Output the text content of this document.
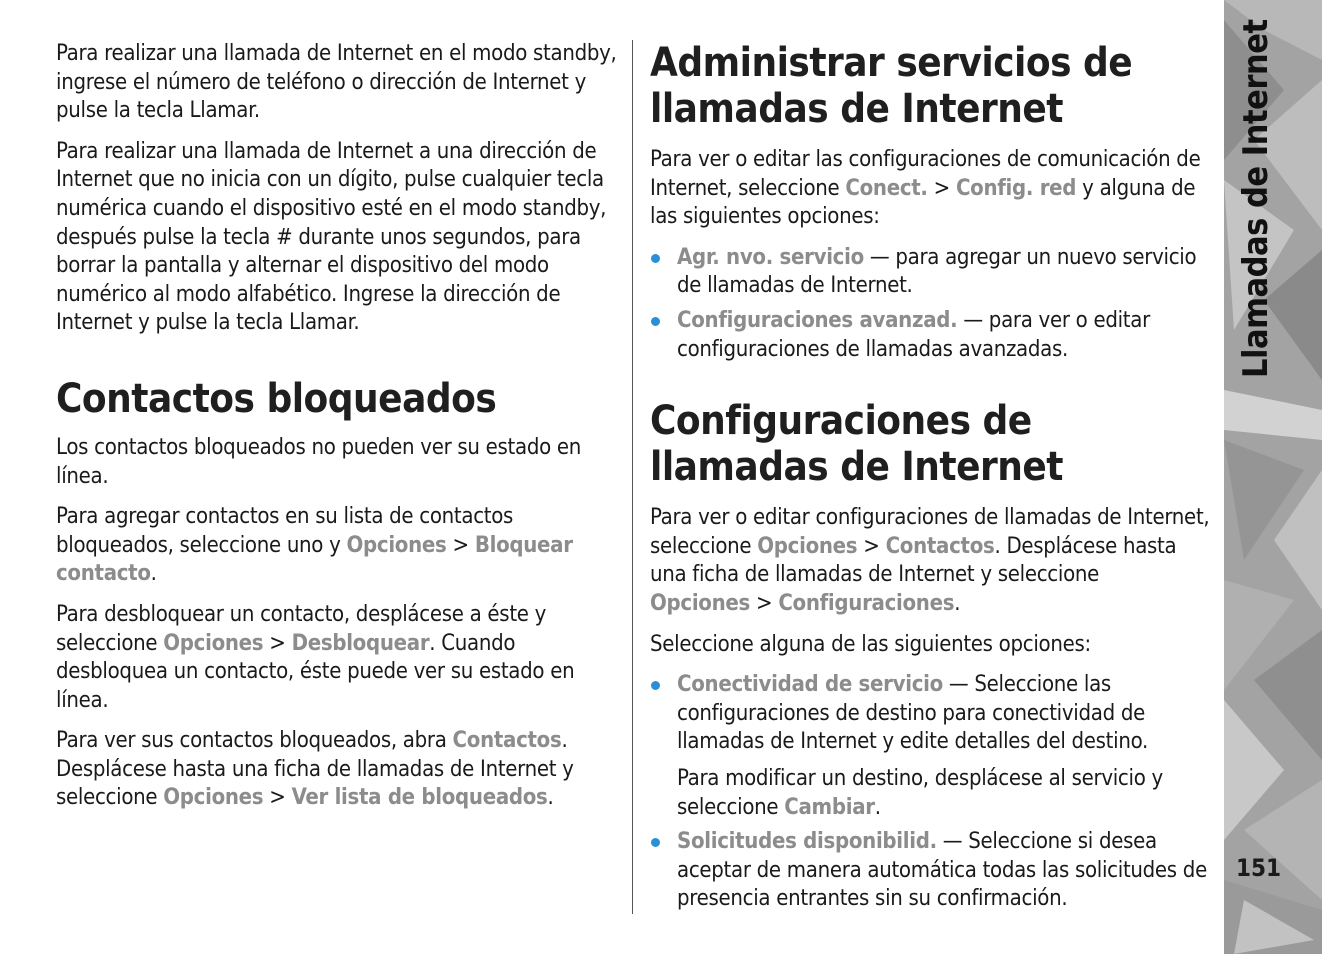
Para realizar una llamada de Internet en el modo standby, ingrese el número de teléfono o dirección de Internet y pulse la tecla Llamar.

Para realizar una llamada de Internet a una dirección de Internet que no inicia con un dígito, pulse cualquier tecla numérica cuando el dispositivo esté en el modo standby, después pulse la tecla # durante unos segundos, para borrar la pantalla y alternar el dispositivo del modo numérico al modo alfabético. Ingrese la dirección de Internet y pulse la tecla Llamar.

Contactos bloqueados

Los contactos bloqueados no pueden ver su estado en línea.

Para agregar contactos en su lista de contactos bloqueados, seleccione uno y Opciones > Bloquear contacto.

Para desbloquear un contacto, desplácese a éste y seleccione Opciones > Desbloquear. Cuando desbloquea un contacto, éste puede ver su estado en línea.

Para ver sus contactos bloqueados, abra Contactos. Desplácese hasta una ficha de llamadas de Internet y seleccione Opciones > Ver lista de bloqueados.

Administrar servicios de llamadas de Internet

Para ver o editar las configuraciones de comunicación de Internet, seleccione Conect. > Config. red y alguna de las siguientes opciones:

Agr. nvo. servicio — para agregar un nuevo servicio de llamadas de Internet.
Configuraciones avanzad. — para ver o editar configuraciones de llamadas avanzadas.
Configuraciones de llamadas de Internet

Para ver o editar configuraciones de llamadas de Internet, seleccione Opciones > Contactos. Desplácese hasta una ficha de llamadas de Internet y seleccione Opciones > Configuraciones.

Seleccione alguna de las siguientes opciones:

Conectividad de servicio — Seleccione las configuraciones de destino para conectividad de llamadas de Internet y edite detalles del destino.

Para modificar un destino, desplácese al servicio y seleccione Cambiar.

Solicitudes disponibilid. — Seleccione si desea aceptar de manera automática todas las solicitudes de presencia entrantes sin su confirmación.
Llamadas de Internet
151
